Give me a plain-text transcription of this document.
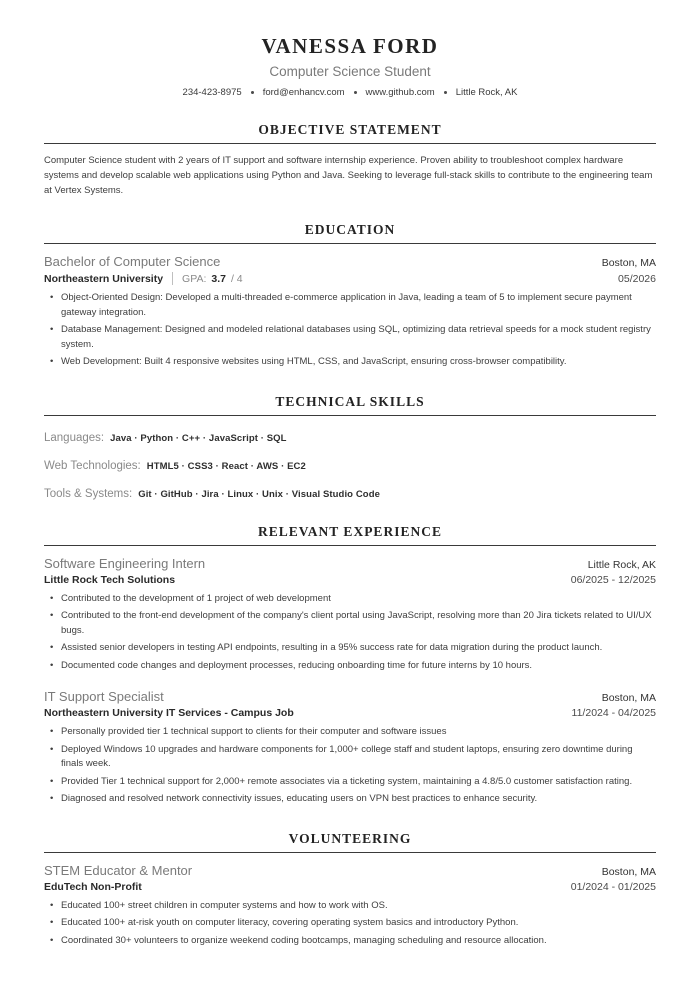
VANESSA FORD
Computer Science Student
234-423-8975 ford@enhancv.com www.github.com Little Rock, AK
OBJECTIVE STATEMENT
Computer Science student with 2 years of IT support and software internship experience. Proven ability to troubleshoot complex hardware systems and develop scalable web applications using Python and Java. Seeking to leverage full-stack skills to contribute to the engineering team at Vertex Systems.
EDUCATION
Bachelor of Computer Science	Boston, MA
Northeastern University GPA: 3.7 / 4	05/2026
• Object-Oriented Design: Developed a multi-threaded e-commerce application in Java, leading a team of 5 to implement secure payment gateway integration.
• Database Management: Designed and modeled relational databases using SQL, optimizing data retrieval speeds for a mock student registry system.
• Web Development: Built 4 responsive websites using HTML, CSS, and JavaScript, ensuring cross-browser compatibility.
TECHNICAL SKILLS
Languages: Java · Python · C++ · JavaScript · SQL
Web Technologies: HTML5 · CSS3 · React · AWS · EC2
Tools & Systems: Git · GitHub · Jira · Linux · Unix · Visual Studio Code
RELEVANT EXPERIENCE
Software Engineering Intern	Little Rock, AK
Little Rock Tech Solutions	06/2025 - 12/2025
• Contributed to the development of 1 project of web development
• Contributed to the front-end development of the company's client portal using JavaScript, resolving more than 20 Jira tickets related to UI/UX bugs.
• Assisted senior developers in testing API endpoints, resulting in a 95% success rate for data migration during the product launch.
• Documented code changes and deployment processes, reducing onboarding time for future interns by 10 hours.
IT Support Specialist	Boston, MA
Northeastern University IT Services - Campus Job	11/2024 - 04/2025
• Personally provided tier 1 technical support to clients for their computer and software issues
• Deployed Windows 10 upgrades and hardware components for 1,000+ college staff and student laptops, ensuring zero downtime during finals week.
• Provided Tier 1 technical support for 2,000+ remote associates via a ticketing system, maintaining a 4.8/5.0 customer satisfaction rating.
• Diagnosed and resolved network connectivity issues, educating users on VPN best practices to enhance security.
VOLUNTEERING
STEM Educator & Mentor	Boston, MA
EduTech Non-Profit	01/2024 - 01/2025
• Educated 100+ street children in computer systems and how to work with OS.
• Educated 100+ at-risk youth on computer literacy, covering operating system basics and introductory Python.
• Coordinated 30+ volunteers to organize weekend coding bootcamps, managing scheduling and resource allocation.
